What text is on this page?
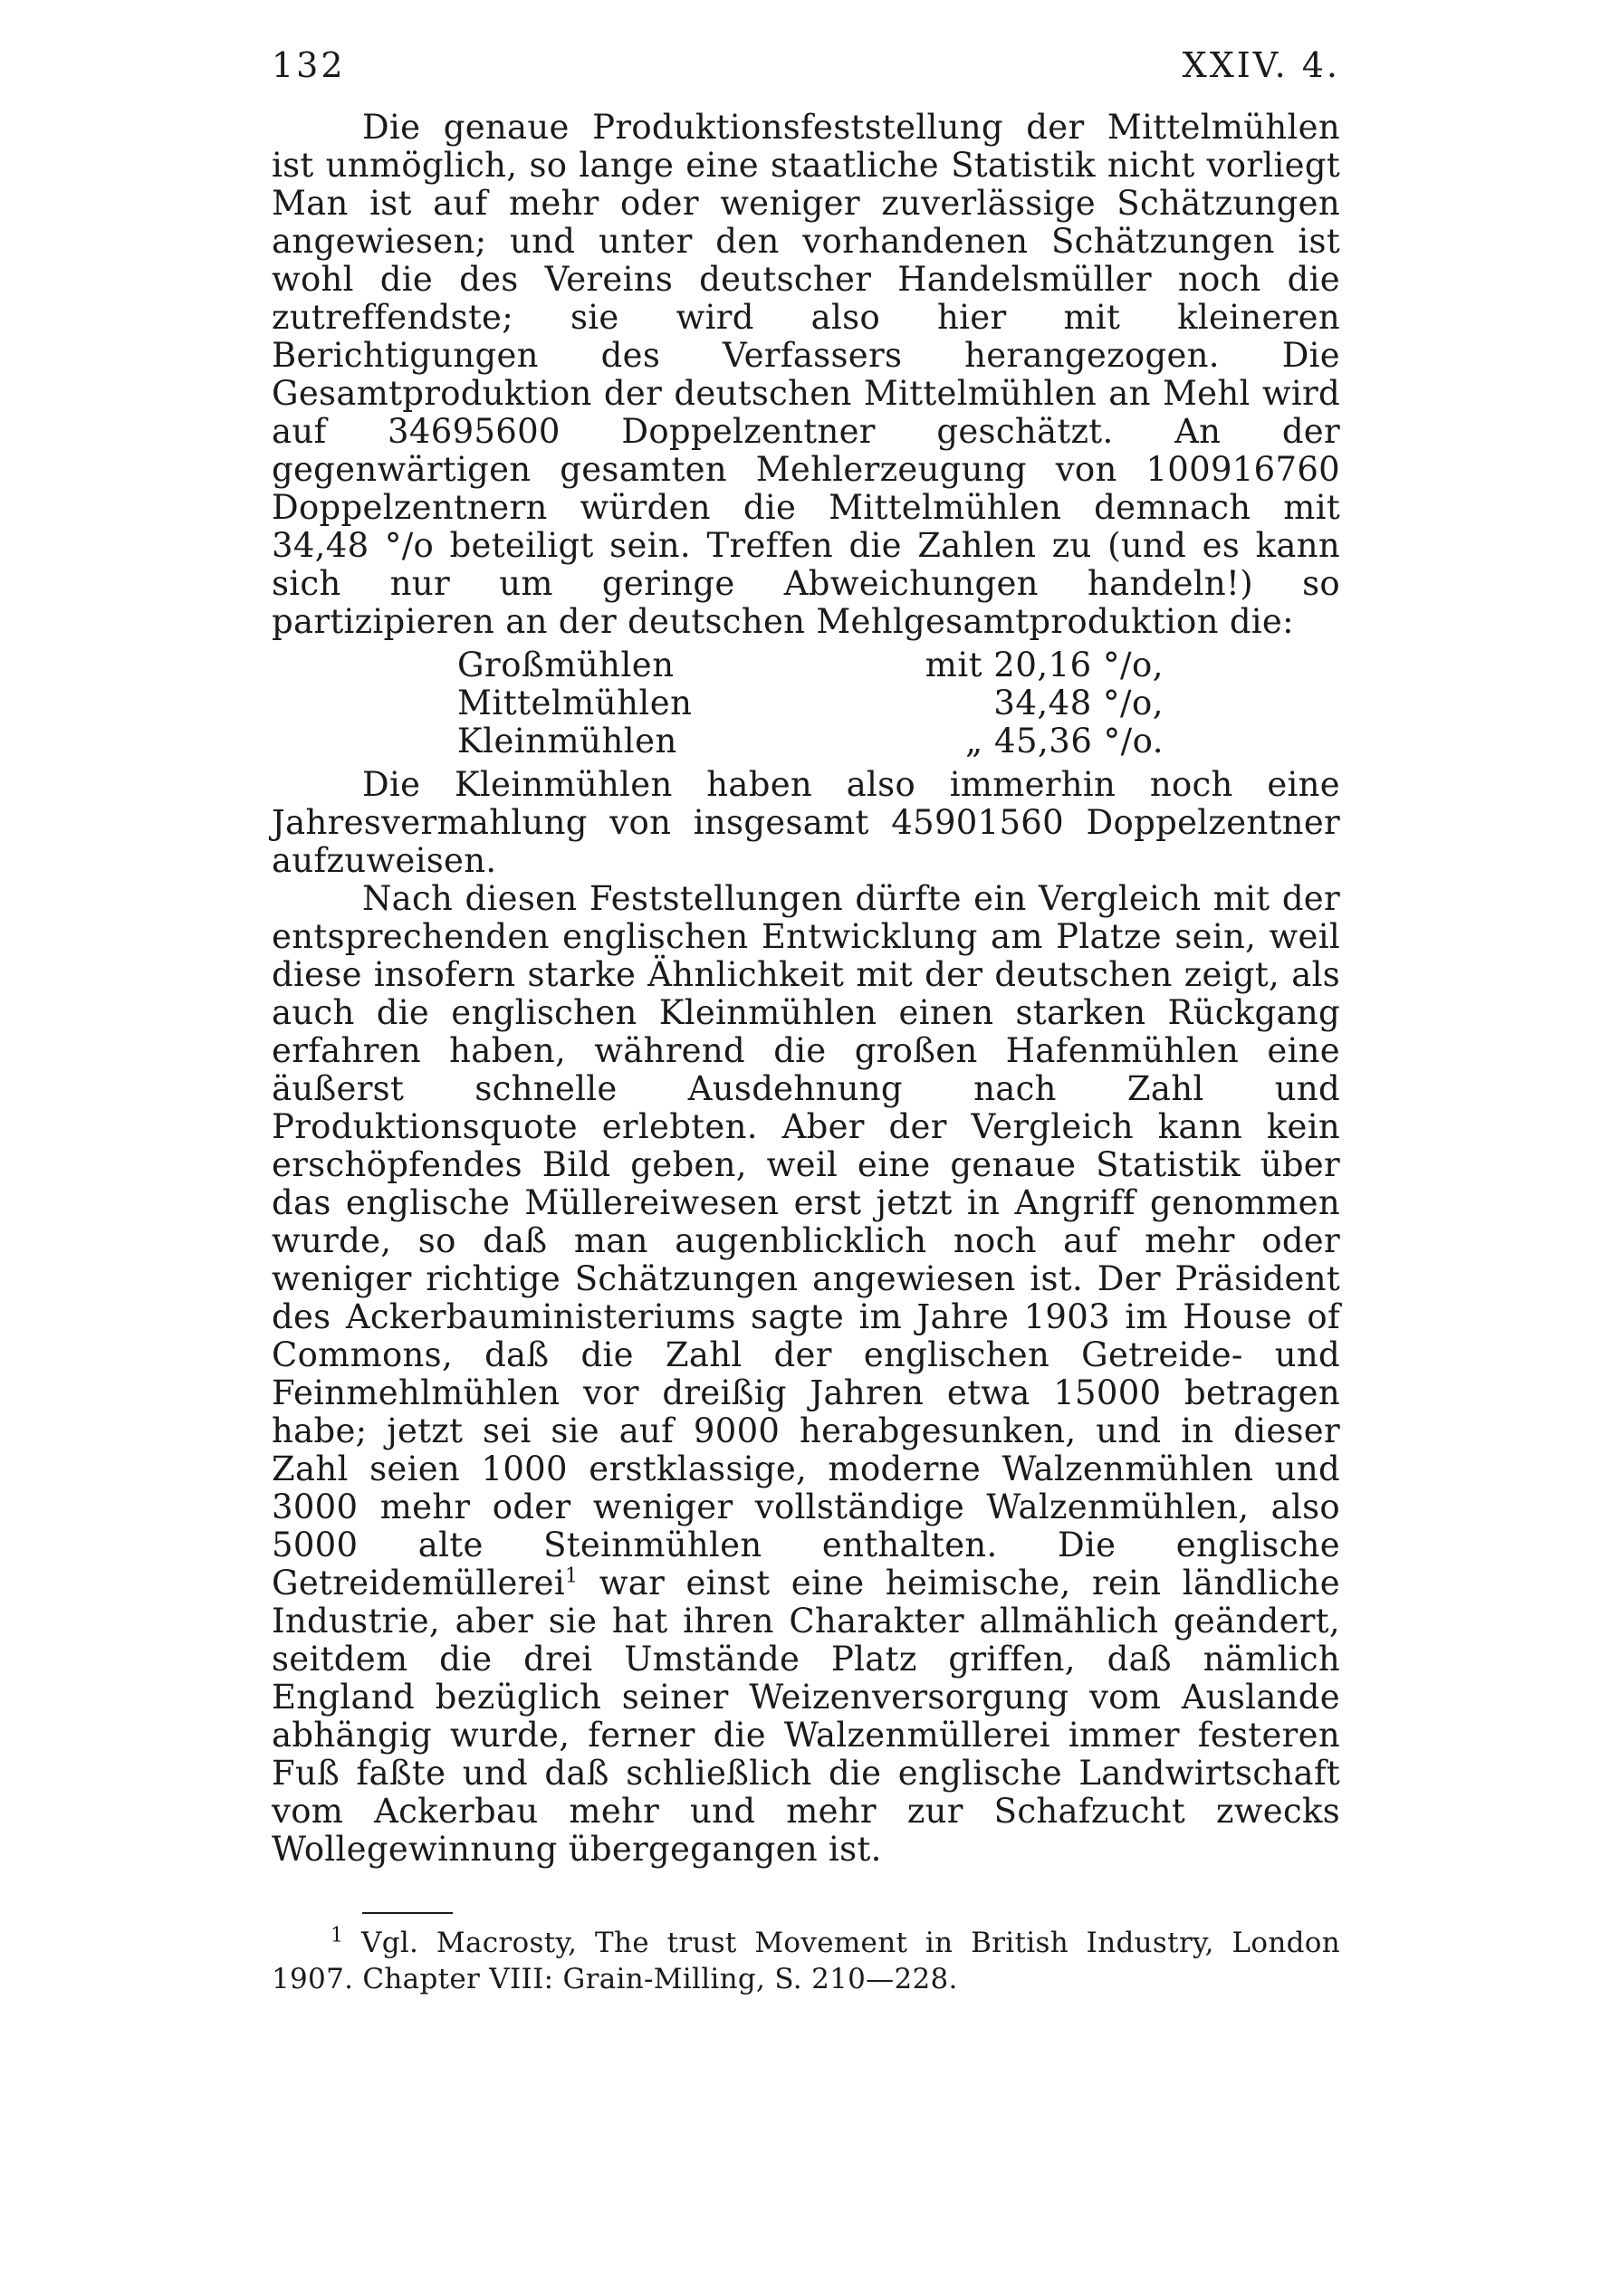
132	XXIV. 4.

Die genaue Produktionsfeststellung der Mittelmühlen ist unmöglich, so lange eine staatliche Statistik nicht vorliegt Man ist auf mehr oder weniger zuverlässige Schätzungen angewiesen; und unter den vorhandenen Schätzungen ist wohl die des Vereins deutscher Handelsmüller noch die zutreffendste; sie wird also hier mit kleineren Berichtigungen des Verfassers herangezogen. Die Gesamtproduktion der deutschen Mittelmühlen an Mehl wird auf 34695600 Doppelzentner geschätzt. An der gegenwärtigen gesamten Mehlerzeugung von 100916760 Doppelzentnern würden die Mittelmühlen demnach mit 34,48 °/o beteiligt sein. Treffen die Zahlen zu (und es kann sich nur um geringe Abweichungen handeln!) so partizipieren an der deutschen Mehlgesamtproduktion die:

Großmühlen	mit 20,16 °/o,
Mittelmühlen	34,48 °/o,
Kleinmühlen	„ 45,36 °/o.

Die Kleinmühlen haben also immerhin noch eine Jahresvermahlung von insgesamt 45901560 Doppelzentner aufzuweisen.

Nach diesen Feststellungen dürfte ein Vergleich mit der entsprechenden englischen Entwicklung am Platze sein, weil diese insofern starke Ähnlichkeit mit der deutschen zeigt, als auch die englischen Kleinmühlen einen starken Rückgang erfahren haben, während die großen Hafenmühlen eine äußerst schnelle Ausdehnung nach Zahl und Produktionsquote erlebten. Aber der Vergleich kann kein erschöpfendes Bild geben, weil eine genaue Statistik über das englische Müllereiwesen erst jetzt in Angriff genommen wurde, so daß man augenblicklich noch auf mehr oder weniger richtige Schätzungen angewiesen ist. Der Präsident des Ackerbauministeriums sagte im Jahre 1903 im House of Commons, daß die Zahl der englischen Getreide- und Feinmehlmühlen vor dreißig Jahren etwa 15000 betragen habe; jetzt sei sie auf 9000 herabgesunken, und in dieser Zahl seien 1000 erstklassige, moderne Walzenmühlen und 3000 mehr oder weniger vollständige Walzenmühlen, also 5000 alte Steinmühlen enthalten. Die englische Getreidemüllerei$^1$ war einst eine heimische, rein ländliche Industrie, aber sie hat ihren Charakter allmählich geändert, seitdem die drei Umstände Platz griffen, daß nämlich England bezüglich seiner Weizenversorgung vom Auslande abhängig wurde, ferner die Walzenmüllerei immer festeren Fuß faßte und daß schließlich die englische Landwirtschaft vom Ackerbau mehr und mehr zur Schafzucht zwecks Wollegewinnung übergegangen ist.

$^1$ Vgl. Macrosty, The trust Movement in British Industry, London 1907. Chapter VIII: Grain-Milling, S. 210—228.
